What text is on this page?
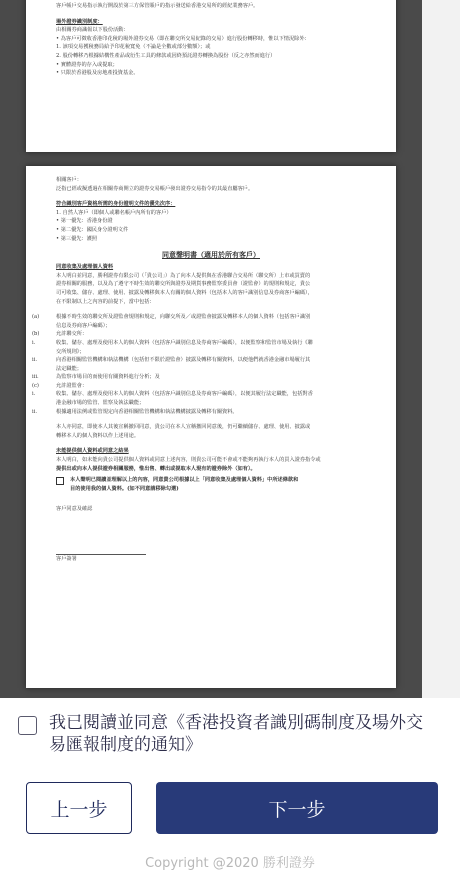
客戶帳戶交易指示執行開設於第三方保管賬戶的指示發送給香港交易所的經紀業務客戶。
場外證券識別制度：
由相關券商識報以下股份活動：
• 為客戶可徵收香港印花稅的場外證券交易（即在聯交所交易紀錄的交易）進行股份轉移時，惟以下情況除外：
1. 該項交易獲稅務局給予印花稅寬免（不論是全數或部分數額）；或
2. 股份轉移乃根據結構性產品或衍生工具的條款或因終預託證券轉換為股份（反之亦然而進行）
• 實體證券的存入或提取；
• 只限於香港股及房地產投資基金。
相關客戶：
泛指已經或擬透過在相關券商開立的證券交易帳戶發出證券交易指令的其最直屬客戶。
符合識別客戶資格所需的身份證明文件的優先次序：
1. 自然人客戶（即個人或聯名帳戶內所有的客戶）
• 第一優先：香港身份證
• 第二優先：國民身分證明文件
• 第三優先：護照
同意聲明書（適用於所有客戶）
同意收集及處理個人資料
本人明白並同意，勝利證券有限公司（「貴公司」）為了向本人提供與在香港聯合交易所（聯交所）上市或買賣的
證券相關的服務，以及為了遵守不時生效的聯交所與證券及期貨事務監察委員會（證監會）的規則和規定，貴公
司可收集、儲存、處理、使用、披露及轉移與本人有關的個人資料（包括本人的客戶識別信息及券商客戶編碼），
在不限制以上之內容的前提下，當中包括：
(a)	根據不時生效的聯交所及證監會規則和規定，向聯交所及／或證監會披露及轉移本人的個人資料（包括客戶識別
信息及券商客戶編碼）；
(b)	允許聯交所：
i.	收集、儲存、處理及使用本人的個人資料（包括客戶識別信息及券商客戶編碼），以便監察和監管市場及執行《聯
交所規則》；
ii.	向香港相關監管機構和執法機構（包括但不限於證監會）披露及轉移有關資料，以便他們就香港金融市場履行其
法定職能；
iii.	為監察市場目的而使用有關資料進行分析；及
(c)	允許證監會：
i.	收集、儲存、處理及使用本人的個人資料（包括客戶識別信息及券商客戶編碼），以便其履行法定職能，包括對香
港金融市場的監管、監察及執法職能；
ii.	根據適用法例或監管規定向香港相關監管機構和執法機構披露及轉移有關資料。
本人亦同意，即使本人其後宣稱撤回同意，貴公司在本人宣稱撤回同意後，仍可繼續儲存、處理、使用、披露或
轉移本人的個人資料以作上述用途。
未能提供個人資料或同意之結果
本人明白，如未能向貴公司提供個人資料或同意上述內容，則貴公司可能不會或不能夠再執行本人的買入證券指令或
提供出或向本人提供證券相關服務，惟出售、轉出或提取本人現有的證券除外（如有）。
本人聲明已閱讀並理解以上的內容，同意貴公司根據以上「同意收集及處理個人資料」中所述條款和
目的使用我的個人資料。(如不同意請移除勾選)
客戶同意及確認
客戶簽署
我已閱讀並同意《香港投資者識別碼制度及場外交易匯報制度的通知》
上一步	下一步
Copyright @2020 勝利證券
